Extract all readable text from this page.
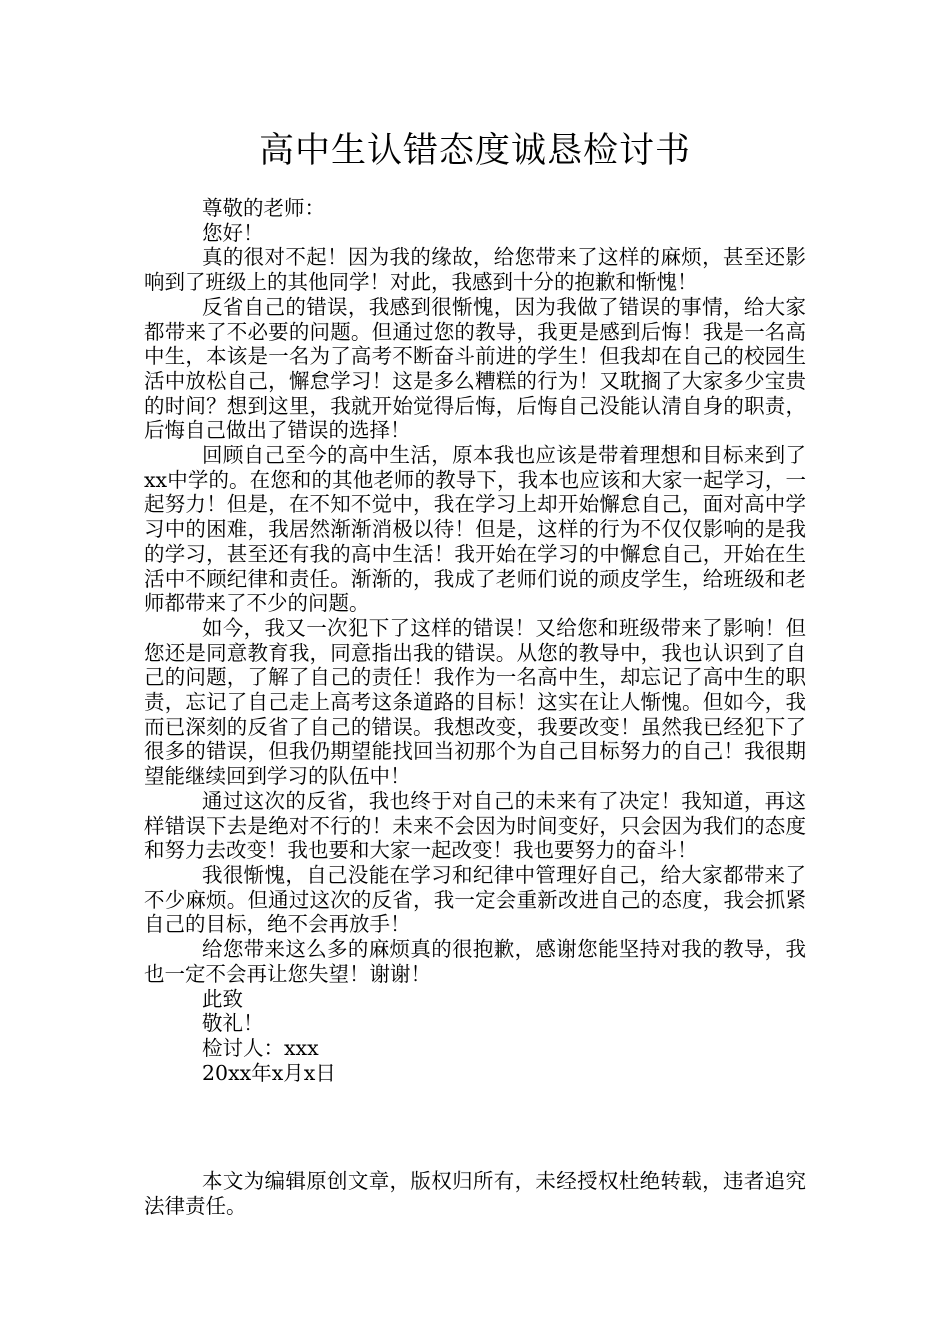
高中生认错态度诚恳检讨书

尊敬的老师：

您好！

真的很对不起！因为我的缘故，给您带来了这样的麻烦，甚至还影响到了班级上的其他同学！对此，我感到十分的抱歉和惭愧！

反省自己的错误，我感到很惭愧，因为我做了错误的事情，给大家都带来了不必要的问题。但通过您的教导，我更是感到后悔！我是一名高中生，本该是一名为了高考不断奋斗前进的学生！但我却在自己的校园生活中放松自己，懈怠学习！这是多么糟糕的行为！又耽搁了大家多少宝贵的时间？想到这里，我就开始觉得后悔，后悔自己没能认清自身的职责，后悔自己做出了错误的选择！

回顾自己至今的高中生活，原本我也应该是带着理想和目标来到了xx中学的。在您和的其他老师的教导下，我本也应该和大家一起学习，一起努力！但是，在不知不觉中，我在学习上却开始懈怠自己，面对高中学习中的困难，我居然渐渐消极以待！但是，这样的行为不仅仅影响的是我的学习，甚至还有我的高中生活！我开始在学习的中懈怠自己，开始在生活中不顾纪律和责任。渐渐的，我成了老师们说的顽皮学生，给班级和老师都带来了不少的问题。

如今，我又一次犯下了这样的错误！又给您和班级带来了影响！但您还是同意教育我，同意指出我的错误。从您的教导中，我也认识到了自己的问题，了解了自己的责任！我作为一名高中生，却忘记了高中生的职责，忘记了自己走上高考这条道路的目标！这实在让人惭愧。但如今，我而已深刻的反省了自己的错误。我想改变，我要改变！虽然我已经犯下了很多的错误，但我仍期望能找回当初那个为自己目标努力的自己！我很期望能继续回到学习的队伍中！

通过这次的反省，我也终于对自己的未来有了决定！我知道，再这样错误下去是绝对不行的！未来不会因为时间变好，只会因为我们的态度和努力去改变！我也要和大家一起改变！我也要努力的奋斗！

我很惭愧，自己没能在学习和纪律中管理好自己，给大家都带来了不少麻烦。但通过这次的反省，我一定会重新改进自己的态度，我会抓紧自己的目标，绝不会再放手！

给您带来这么多的麻烦真的很抱歉，感谢您能坚持对我的教导，我也一定不会再让您失望！谢谢！

此致

敬礼！

检讨人：xxx

20xx年x月x日

本文为编辑原创文章，版权归所有，未经授权杜绝转载，违者追究法律责任。
